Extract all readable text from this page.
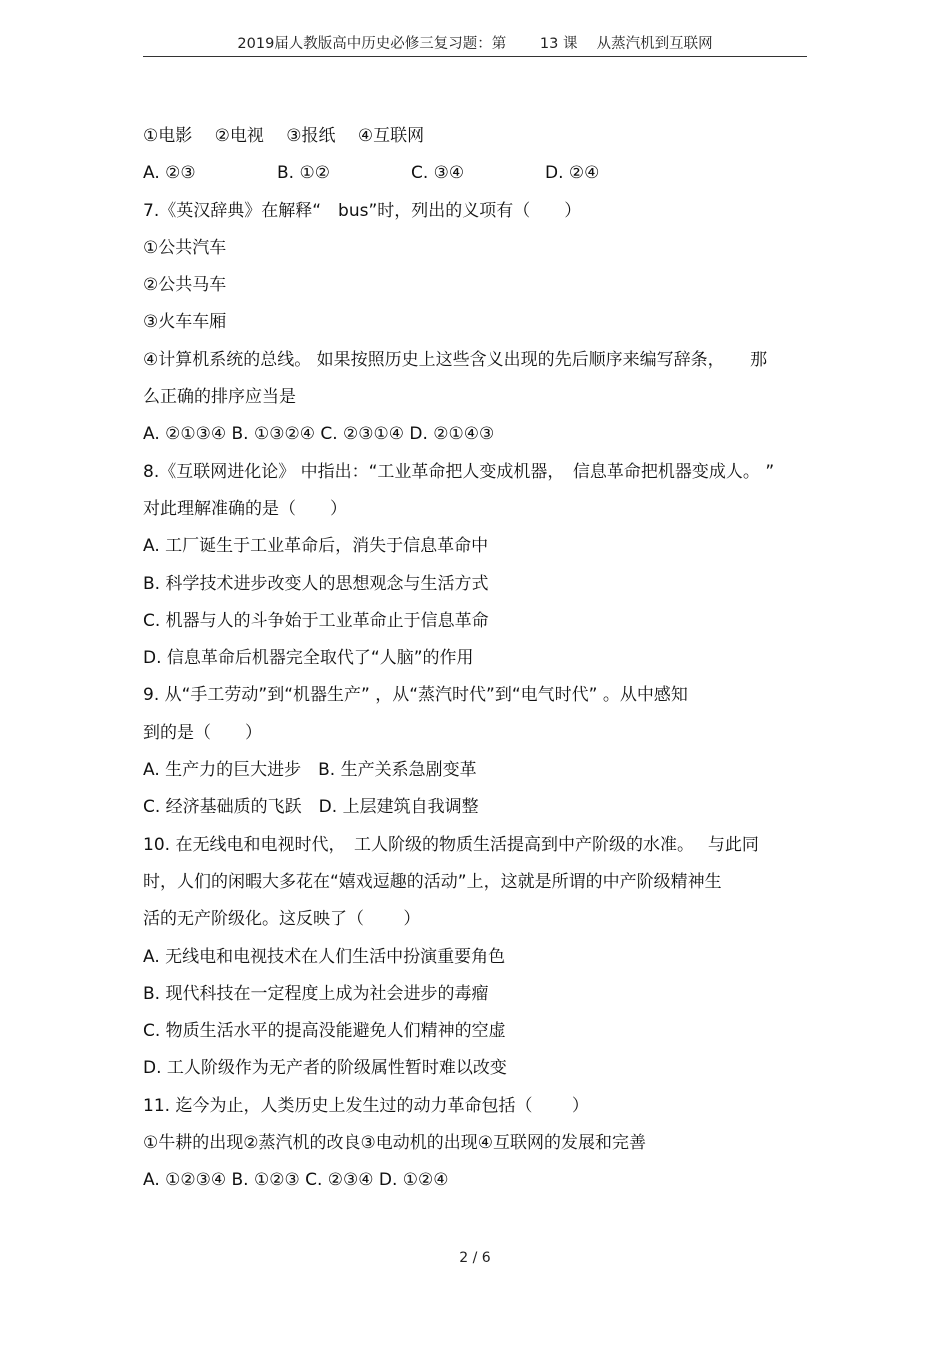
2019届人教版高中历史必修三复习题：第 　　13 课　 从蒸汽机到互联网
①电影　 ②电视　 ③报纸　 ④互联网
A. ②③	B. ①②	C. ③④	D. ②④
7.《英汉辞典》在解释“　bus”时，列出的义项有（　　）
①公共汽车
②公共马车
③火车车厢
④计算机系统的总线。 如果按照历史上这些含义出现的先后顺序来编写辞条，　　那
么正确的排序应当是
A. ②①③④ B. ①③②④ C. ②③①④ D. ②①④③
8.《互联网进化论》 中指出：“工业革命把人变成机器，　信息革命把机器变成人。 ”
对此理解准确的是（　　）
A. 工厂诞生于工业革命后，消失于信息革命中
B. 科学技术进步改变人的思想观念与生活方式
C. 机器与人的斗争始于工业革命止于信息革命
D. 信息革命后机器完全取代了“人脑”的作用
9. 从“手工劳动”到“机器生产” ，从“蒸汽时代”到“电气时代” 。从中感知
到的是（　　）
A. 生产力的巨大进步　B. 生产关系急剧变革
C. 经济基础质的飞跃　D. 上层建筑自我调整
10. 在无线电和电视时代，　工人阶级的物质生活提高到中产阶级的水准。　 与此同
时，人们的闲暇大多花在“嬉戏逗趣的活动”上，这就是所谓的中产阶级精神生
活的无产阶级化。这反映了（　　 ）
A. 无线电和电视技术在人们生活中扮演重要角色
B. 现代科技在一定程度上成为社会进步的毒瘤
C. 物质生活水平的提高没能避免人们精神的空虚
D. 工人阶级作为无产者的阶级属性暂时难以改变
11. 迄今为止，人类历史上发生过的动力革命包括（　　 ）
①牛耕的出现②蒸汽机的改良③电动机的出现④互联网的发展和完善
A. ①②③④ B. ①②③ C. ②③④ D. ①②④
2 / 6
